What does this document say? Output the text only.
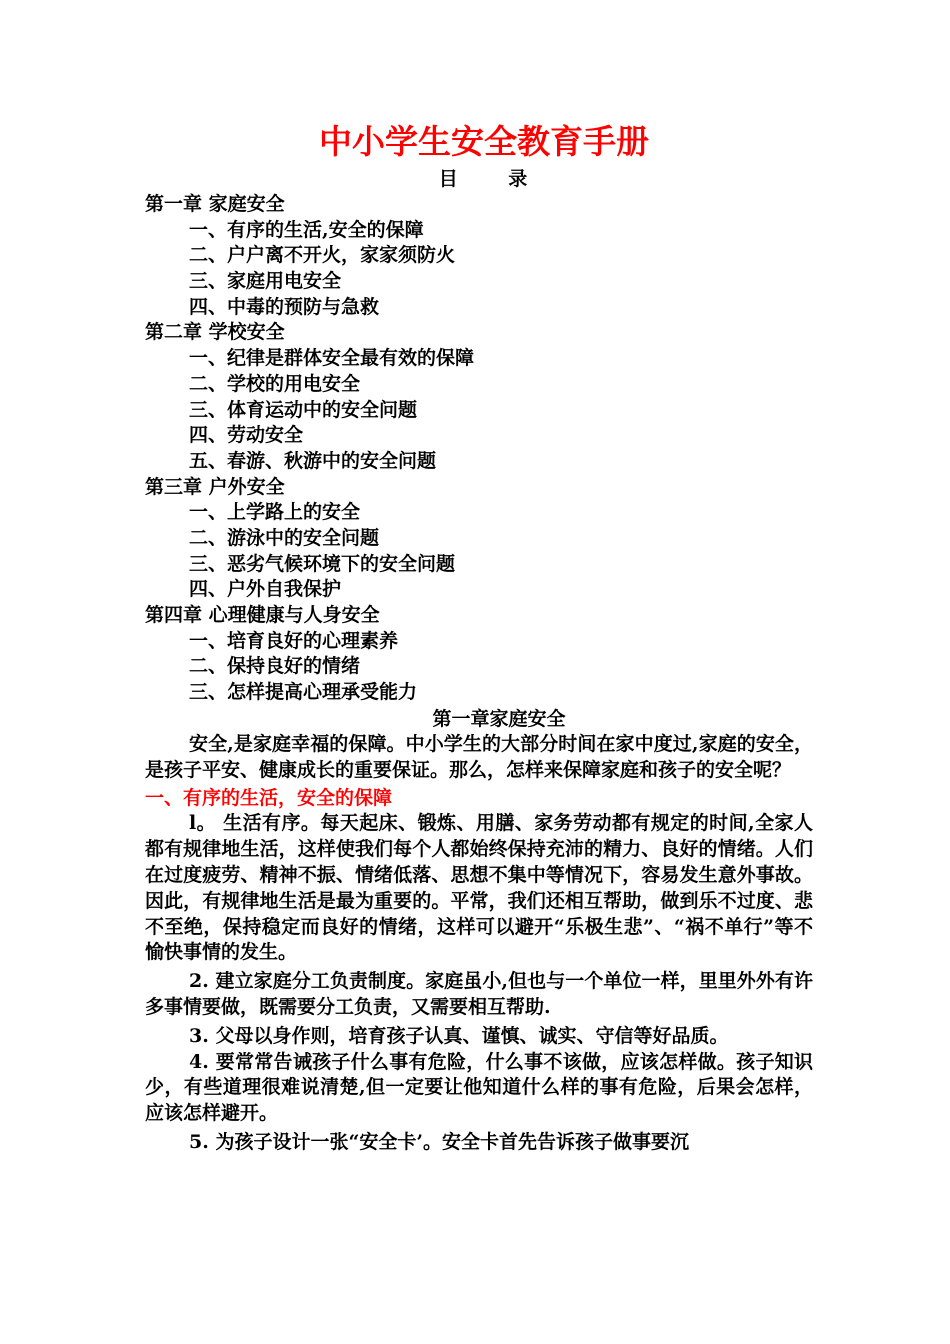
中小学生安全教育手册
目 录
第一章 家庭安全
一、有序的生活,安全的保障
二、户户离不开火，家家须防火
三、家庭用电安全
四、中毒的预防与急救
第二章 学校安全
一、纪律是群体安全最有效的保障
二、学校的用电安全
三、体育运动中的安全问题
四、劳动安全
五、春游、秋游中的安全问题
第三章 户外安全
一、上学路上的安全
二、游泳中的安全问题
三、恶劣气候环境下的安全问题
四、户外自我保护
第四章 心理健康与人身安全
一、培育良好的心理素养
二、保持良好的情绪
三、怎样提高心理承受能力
第一章家庭安全

安全,是家庭幸福的保障。中小学生的大部分时间在家中度过,家庭的安全，是孩子平安、健康成长的重要保证。那么，怎样来保障家庭和孩子的安全呢？

一、有序的生活，安全的保障

l。 生活有序。每天起床、锻炼、用膳、家务劳动都有规定的时间,全家人都有规律地生活，这样使我们每个人都始终保持充沛的精力、良好的情绪。人们在过度疲劳、精神不振、情绪低落、思想不集中等情况下，容易发生意外事故。因此，有规律地生活是最为重要的。平常，我们还相互帮助，做到乐不过度、悲不至绝，保持稳定而良好的情绪，这样可以避开“乐极生悲”、“祸不单行”等不愉快事情的发生。

2. 建立家庭分工负责制度。家庭虽小,但也与一个单位一样，里里外外有许多事情要做，既需要分工负责，又需要相互帮助.

3. 父母以身作则，培育孩子认真、谨慎、诚实、守信等好品质。

4. 要常常告诫孩子什么事有危险，什么事不该做，应该怎样做。孩子知识少，有些道理很难说清楚,但一定要让他知道什么样的事有危险，后果会怎样，应该怎样避开。

5. 为孩子设计一张“安全卡’。安全卡首先告诉孩子做事要沉
